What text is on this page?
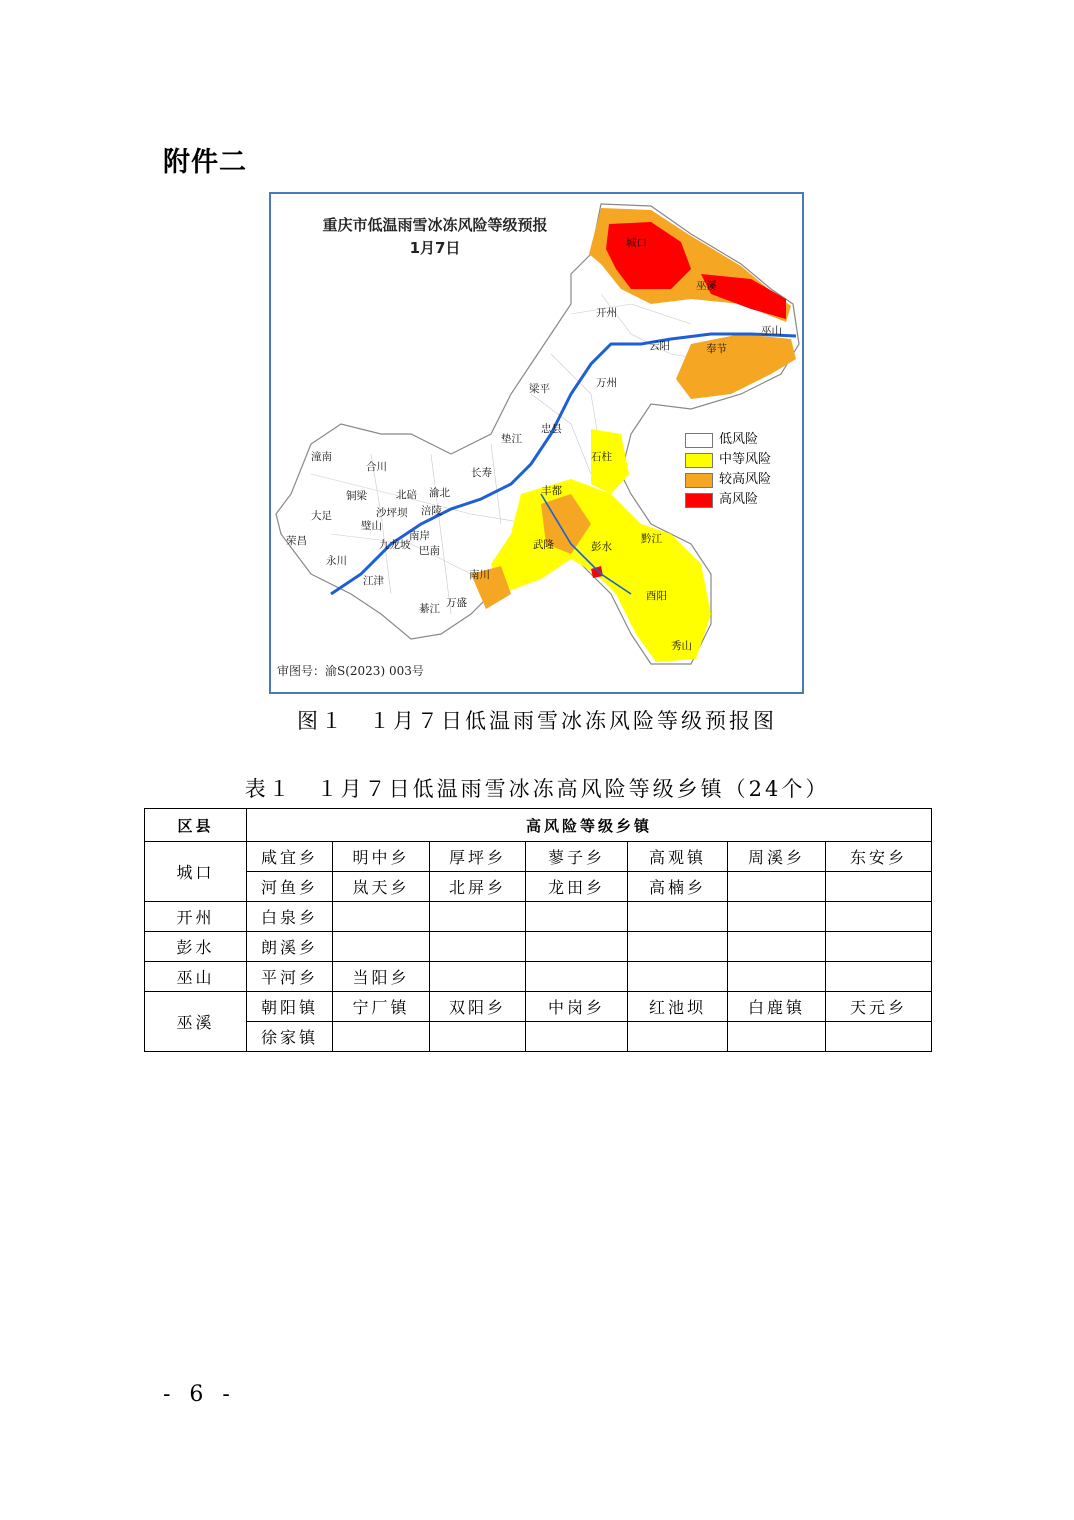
附件二
城口
巫溪
开州
巫山
云阳	奉节
万州
梁平
忠县
垫江
石柱
长寿
丰都
涪陵
武隆	彭水
黔江
酉阳
秀山
南川
万盛
綦江
江津
巴南
南岸
渝北
北碚
合川
潼南
大足
铜梁
荣昌
永川
璧山
沙坪坝
九龙坡
重庆市低温雨雪冰冻风险等级预报
1月7日
低风险
中等风险
较高风险
高风险
审图号：渝S(2023) 003号
图１　１月７日低温雨雪冰冻风险等级预报图
表１　１月７日低温雨雪冰冻高风险等级乡镇（24个）
区县	高风险等级乡镇						
城口	咸宜乡	明中乡	厚坪乡	蓼子乡	高观镇	周溪乡	东安乡
	河鱼乡	岚天乡	北屏乡	龙田乡	高楠乡		
开州	白泉乡						
彭水	朗溪乡						
巫山	平河乡	当阳乡					
巫溪	朝阳镇	宁厂镇	双阳乡	中岗乡	红池坝	白鹿镇	天元乡
	徐家镇						
- 6 -
